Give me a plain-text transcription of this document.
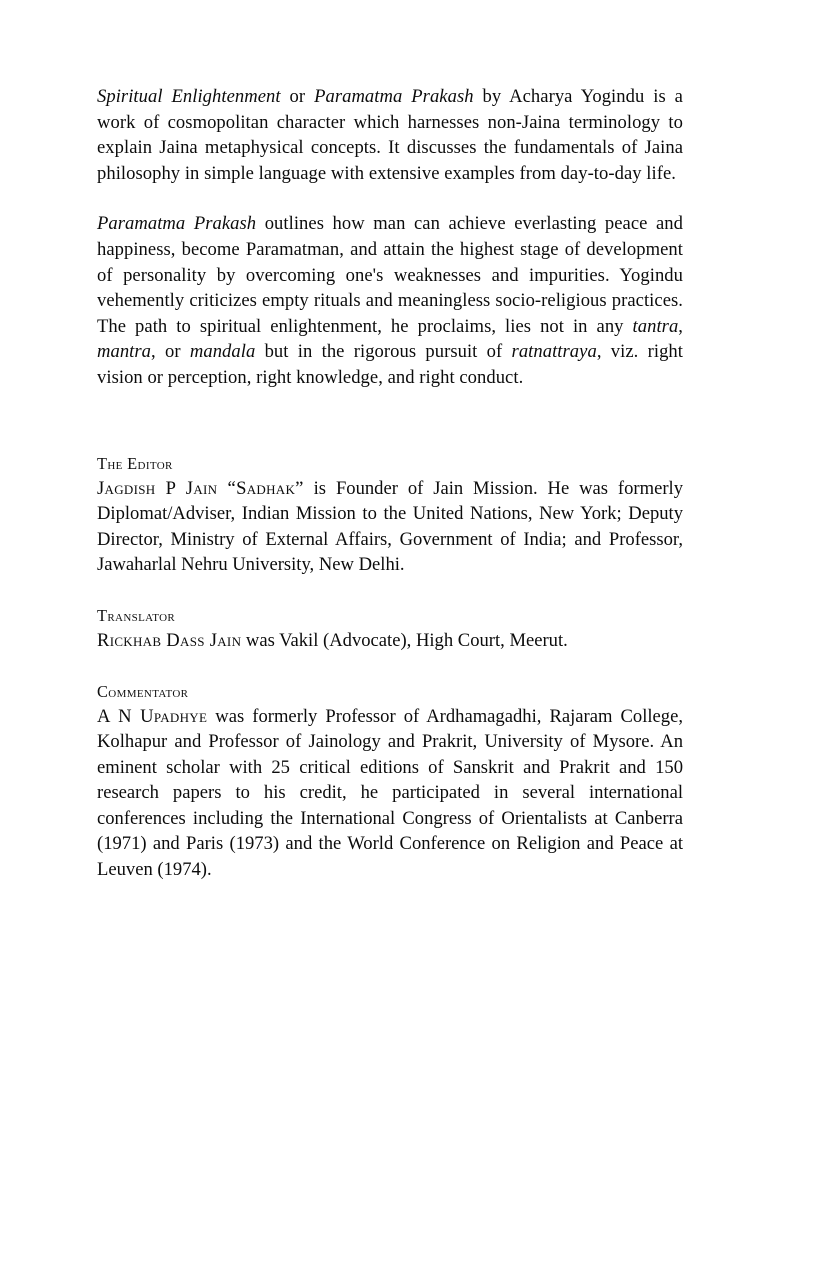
Spiritual Enlightenment or Paramatma Prakash by Acharya Yogindu is a work of cosmopolitan character which harnesses non-Jaina terminology to explain Jaina metaphysical concepts. It discusses the fundamentals of Jaina philosophy in simple language with extensive examples from day-to-day life.

Paramatma Prakash outlines how man can achieve everlasting peace and happiness, become Paramatman, and attain the highest stage of development of personality by overcoming one's weaknesses and impurities. Yogindu vehemently criticizes empty rituals and meaningless socio-religious practices. The path to spiritual enlightenment, he proclaims, lies not in any tantra, mantra, or mandala but in the rigorous pursuit of ratnattraya, viz. right vision or perception, right knowledge, and right conduct.

The Editor

Jagdish P Jain “Sadhak” is Founder of Jain Mission. He was formerly Diplomat/Adviser, Indian Mission to the United Nations, New York; Deputy Director, Ministry of External Affairs, Government of India; and Professor, Jawaharlal Nehru University, New Delhi.

Translator

Rickhab Dass Jain was Vakil (Advocate), High Court, Meerut.

Commentator

A N Upadhye was formerly Professor of Ardhamagadhi, Rajaram College, Kolhapur and Professor of Jainology and Prakrit, University of Mysore. An eminent scholar with 25 critical editions of Sanskrit and Prakrit and 150 research papers to his credit, he participated in several international conferences including the International Congress of Orientalists at Canberra (1971) and Paris (1973) and the World Conference on Religion and Peace at Leuven (1974).
